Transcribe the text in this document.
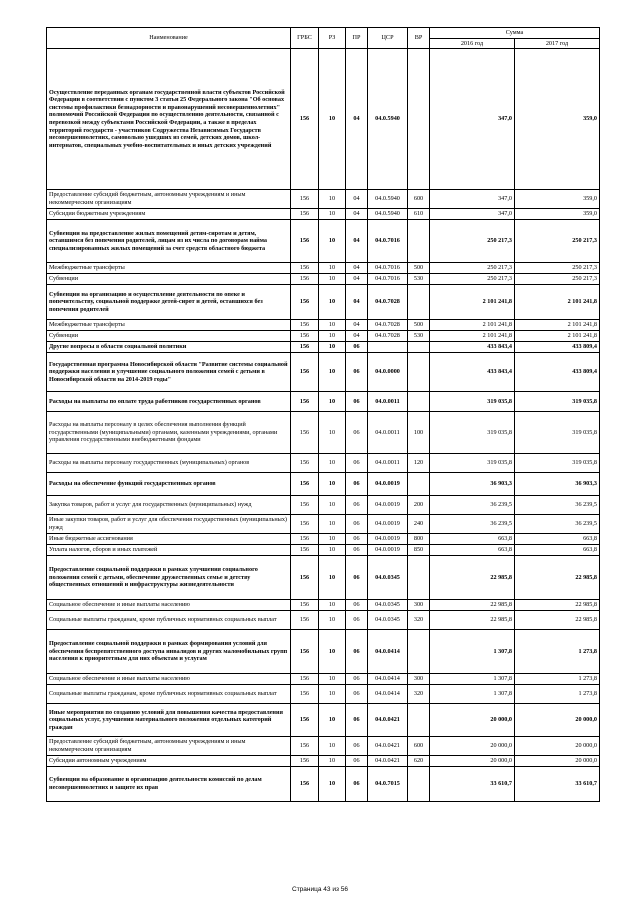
Наименование	ГРБС	РЗ	ПР	ЦСР	ВР	Сумма	
						2016 год	2017 год
Осуществление переданных органам государственной власти субъектов Российской Федерации в соответствии с пунктом 3 статьи 25 Федерального закона "Об основах системы профилактики безнадзорности и правонарушений несовершеннолетних" полномочий Российской Федерации по осуществлению деятельности, связанной с перевозкой между субъектами Российской Федерации, а также в пределах территорий государств - участников Содружества Независимых Государств несовершеннолетних, самовольно ушедших из семей, детских домов, школ-интернатов, специальных учебно-воспитательных и иных детских учреждений	156	10	04	04.0.5940		347,0	359,0
Предоставление субсидий бюджетным, автономным учреждениям и иным некоммерческим организациям	156	10	04	04.0.5940	600	347,0	359,0
Субсидии бюджетным учреждениям	156	10	04	04.0.5940	610	347,0	359,0
Субвенции на предоставление жилых помещений детям-сиротам и детям, оставшимся без попечения родителей, лицам из их числа по договорам найма специализированных жилых помещений за счет средств областного бюджета	156	10	04	04.0.7016		250 217,3	250 217,3
Межбюджетные трансферты	156	10	04	04.0.7016	500	250 217,3	250 217,3
Субвенции	156	10	04	04.0.7016	530	250 217,3	250 217,3
Субвенции на организацию и осуществление деятельности по опеке и попечительству, социальной поддержке детей-сирот и детей, оставшихся без попечения родителей	156	10	04	04.0.7028		2 101 241,8	2 101 241,8
Межбюджетные трансферты	156	10	04	04.0.7028	500	2 101 241,8	2 101 241,8
Субвенции	156	10	04	04.0.7028	530	2 101 241,8	2 101 241,8
Другие вопросы в области социальной политики	156	10	06			433 843,4	433 809,4
Государственная программа Новосибирской области "Развитие системы социальной поддержки населения и улучшение социального положения семей с детьми в Новосибирской области на 2014-2019 годы"	156	10	06	04.0.0000		433 843,4	433 809,4
Расходы на выплаты по оплате труда работников государственных органов	156	10	06	04.0.0011		319 035,8	319 035,8
Расходы на выплаты персоналу в целях обеспечения выполнения функций государственными (муниципальными) органами, казенными учреждениями, органами управления государственными внебюджетными фондами	156	10	06	04.0.0011	100	319 035,8	319 035,8
Расходы на выплаты персоналу государственных (муниципальных) органов	156	10	06	04.0.0011	120	319 035,8	319 035,8
Расходы на обеспечение функций государственных органов	156	10	06	04.0.0019		36 903,3	36 903,3
Закупка товаров, работ и услуг для государственных (муниципальных) нужд	156	10	06	04.0.0019	200	36 239,5	36 239,5
Иные закупки товаров, работ и услуг для обеспечения государственных (муниципальных) нужд	156	10	06	04.0.0019	240	36 239,5	36 239,5
Иные бюджетные ассигнования	156	10	06	04.0.0019	800	663,8	663,8
Уплата налогов, сборов и иных платежей	156	10	06	04.0.0019	850	663,8	663,8
Предоставление социальной поддержки в рамках улучшения социального положения семей с детьми, обеспечение дружественных семье и детству общественных отношений и инфраструктуры жизнедеятельности	156	10	06	04.0.0345		22 985,8	22 985,8
Социальное обеспечение и иные выплаты населению	156	10	06	04.0.0345	300	22 985,8	22 985,8
Социальные выплаты гражданам, кроме публичных нормативных социальных выплат	156	10	06	04.0.0345	320	22 985,8	22 985,8
Предоставление социальной поддержки в рамках формирования условий для обеспечения беспрепятственного доступа инвалидов и других маломобильных групп населения к приоритетным для них объектам и услугам	156	10	06	04.0.0414		1 307,8	1 273,8
Социальное обеспечение и иные выплаты населению	156	10	06	04.0.0414	300	1 307,8	1 273,8
Социальные выплаты гражданам, кроме публичных нормативных социальных выплат	156	10	06	04.0.0414	320	1 307,8	1 273,8
Иные мероприятия по созданию условий для повышения качества предоставления социальных услуг, улучшения материального положения отдельных категорий граждан	156	10	06	04.0.0421		20 000,0	20 000,0
Предоставление субсидий бюджетным, автономным учреждениям и иным некоммерческим организациям	156	10	06	04.0.0421	600	20 000,0	20 000,0
Субсидии автономным учреждениям	156	10	06	04.0.0421	620	20 000,0	20 000,0
Субвенции на образование и организацию деятельности комиссий по делам несовершеннолетних и защите их прав	156	10	06	04.0.7015		33 610,7	33 610,7
Страница 43 из 56
